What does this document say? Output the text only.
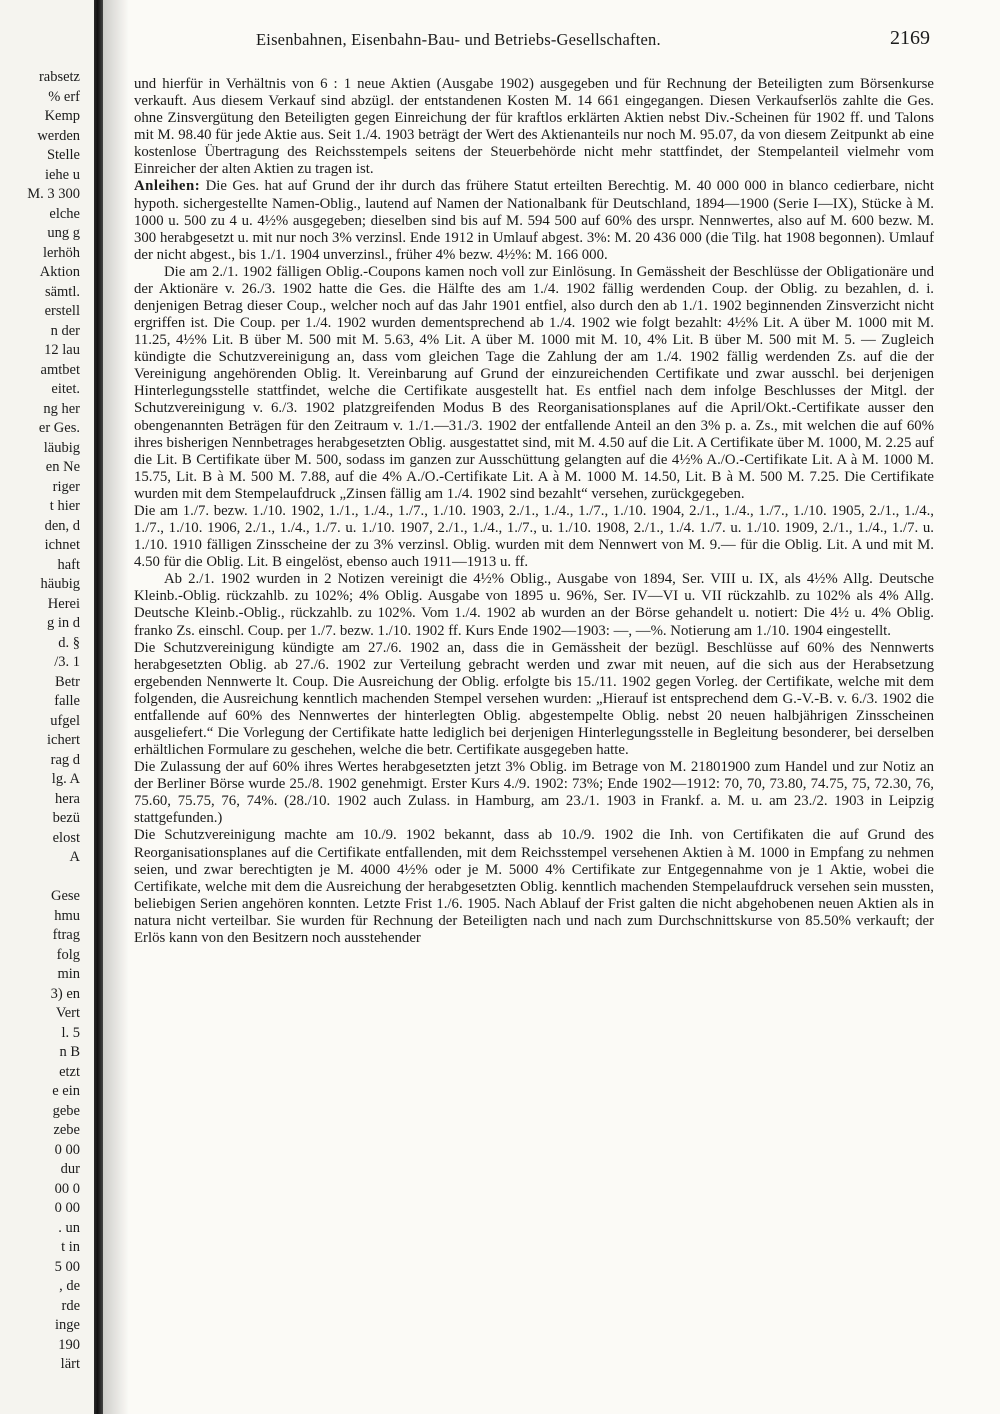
rabsetz
% erf
Kemp
werden
Stelle
iehe u
M. 3 300
elche
ung g
lerhöh
Aktion
sämtl.
erstell
n der
12 lau
amtbet
eitet.
ng her
er Ges.
läubig
en Ne
riger
t hier
den, d
ichnet
haft
häubig
Herei
g in d
d. §
/3. 1
Betr
falle
ufgel
ichert
rag d
lg. A
hera
bezü
elost
A
Gese
hmu
ftrag
folg
min
3) en
Vert
l. 5
n B
etzt
e ein
gebe
zebe
0 00
dur
00 0
0 00
. un
t in
5 00
, de
rde
inge
190
lärt
Eisenbahnen, Eisenbahn-Bau- und Betriebs-Gesellschaften.	2169

und hierfür in Verhältnis von 6 : 1 neue Aktien (Ausgabe 1902) ausgegeben und für Rechnung der Beteiligten zum Börsenkurse verkauft. Aus diesem Verkauf sind abzügl. der entstandenen Kosten M. 14 661 eingegangen. Diesen Verkaufserlös zahlte die Ges. ohne Zinsvergütung den Beteiligten gegen Einreichung der für kraftlos erklärten Aktien nebst Div.-Scheinen für 1902 ff. und Talons mit M. 98.40 für jede Aktie aus. Seit 1./4. 1903 beträgt der Wert des Aktienanteils nur noch M. 95.07, da von diesem Zeitpunkt ab eine kostenlose Übertragung des Reichsstempels seitens der Steuerbehörde nicht mehr stattfindet, der Stempelanteil vielmehr vom Einreicher der alten Aktien zu tragen ist.

Anleihen: Die Ges. hat auf Grund der ihr durch das frühere Statut erteilten Berechtig. M. 40 000 000 in blanco cedierbare, nicht hypoth. sichergestellte Namen-Oblig., lautend auf Namen der Nationalbank für Deutschland, 1894—1900 (Serie I—IX), Stücke à M. 1000 u. 500 zu 4 u. 4½% ausgegeben; dieselben sind bis auf M. 594 500 auf 60% des urspr. Nennwertes, also auf M. 600 bezw. M. 300 herabgesetzt u. mit nur noch 3% verzinsl. Ende 1912 in Umlauf abgest. 3%: M. 20 436 000 (die Tilg. hat 1908 begonnen). Umlauf der nicht abgest., bis 1./1. 1904 unverzinsl., früher 4% bezw. 4½%: M. 166 000.

Die am 2./1. 1902 fälligen Oblig.-Coupons kamen noch voll zur Einlösung. In Gemässheit der Beschlüsse der Obligationäre und der Aktionäre v. 26./3. 1902 hatte die Ges. die Hälfte des am 1./4. 1902 fällig werdenden Coup. der Oblig. zu bezahlen, d. i. denjenigen Betrag dieser Coup., welcher noch auf das Jahr 1901 entfiel, also durch den ab 1./1. 1902 beginnenden Zinsverzicht nicht ergriffen ist. Die Coup. per 1./4. 1902 wurden dementsprechend ab 1./4. 1902 wie folgt bezahlt: 4½% Lit. A über M. 1000 mit M. 11.25, 4½% Lit. B über M. 500 mit M. 5.63, 4% Lit. A über M. 1000 mit M. 10, 4% Lit. B über M. 500 mit M. 5. — Zugleich kündigte die Schutzvereinigung an, dass vom gleichen Tage die Zahlung der am 1./4. 1902 fällig werdenden Zs. auf die der Vereinigung angehörenden Oblig. lt. Vereinbarung auf Grund der einzureichenden Certifikate und zwar ausschl. bei derjenigen Hinterlegungsstelle stattfindet, welche die Certifikate ausgestellt hat. Es entfiel nach dem infolge Beschlusses der Mitgl. der Schutzvereinigung v. 6./3. 1902 platzgreifenden Modus B des Reorganisationsplanes auf die April/Okt.-Certifikate ausser den obengenannten Beträgen für den Zeitraum v. 1./1.—31./3. 1902 der entfallende Anteil an den 3% p. a. Zs., mit welchen die auf 60% ihres bisherigen Nennbetrages herabgesetzten Oblig. ausgestattet sind, mit M. 4.50 auf die Lit. A Certifikate über M. 1000, M. 2.25 auf die Lit. B Certifikate über M. 500, sodass im ganzen zur Ausschüttung gelangten auf die 4½% A./O.-Certifikate Lit. A à M. 1000 M. 15.75, Lit. B à M. 500 M. 7.88, auf die 4% A./O.-Certifikate Lit. A à M. 1000 M. 14.50, Lit. B à M. 500 M. 7.25. Die Certifikate wurden mit dem Stempelaufdruck „Zinsen fällig am 1./4. 1902 sind bezahlt“ versehen, zurückgegeben.

Die am 1./7. bezw. 1./10. 1902, 1./1., 1./4., 1./7., 1./10. 1903, 2./1., 1./4., 1./7., 1./10. 1904, 2./1., 1./4., 1./7., 1./10. 1905, 2./1., 1./4., 1./7., 1./10. 1906, 2./1., 1./4., 1./7. u. 1./10. 1907, 2./1., 1./4., 1./7., u. 1./10. 1908, 2./1., 1./4. 1./7. u. 1./10. 1909, 2./1., 1./4., 1./7. u. 1./10. 1910 fälligen Zinsscheine der zu 3% verzinsl. Oblig. wurden mit dem Nennwert von M. 9.— für die Oblig. Lit. A und mit M. 4.50 für die Oblig. Lit. B eingelöst, ebenso auch 1911—1913 u. ff.

Ab 2./1. 1902 wurden in 2 Notizen vereinigt die 4½% Oblig., Ausgabe von 1894, Ser. VIII u. IX, als 4½% Allg. Deutsche Kleinb.-Oblig. rückzahlb. zu 102%; 4% Oblig. Ausgabe von 1895 u. 96%, Ser. IV—VI u. VII rückzahlb. zu 102% als 4% Allg. Deutsche Kleinb.-Oblig., rückzahlb. zu 102%. Vom 1./4. 1902 ab wurden an der Börse gehandelt u. notiert: Die 4½ u. 4% Oblig. franko Zs. einschl. Coup. per 1./7. bezw. 1./10. 1902 ff. Kurs Ende 1902—1903: —, —%. Notierung am 1./10. 1904 eingestellt.

Die Schutzvereinigung kündigte am 27./6. 1902 an, dass die in Gemässheit der bezügl. Beschlüsse auf 60% des Nennwerts herabgesetzten Oblig. ab 27./6. 1902 zur Verteilung gebracht werden und zwar mit neuen, auf die sich aus der Herabsetzung ergebenden Nennwerte lt. Coup. Die Ausreichung der Oblig. erfolgte bis 15./11. 1902 gegen Vorleg. der Certifikate, welche mit dem folgenden, die Ausreichung kenntlich machenden Stempel versehen wurden: „Hierauf ist entsprechend dem G.-V.-B. v. 6./3. 1902 die entfallende auf 60% des Nennwertes der hinterlegten Oblig. abgestempelte Oblig. nebst 20 neuen halbjährigen Zinsscheinen ausgeliefert.“ Die Vorlegung der Certifikate hatte lediglich bei derjenigen Hinterlegungsstelle in Begleitung besonderer, bei derselben erhältlichen Formulare zu geschehen, welche die betr. Certifikate ausgegeben hatte.

Die Zulassung der auf 60% ihres Wertes herabgesetzten jetzt 3% Oblig. im Betrage von M. 21801900 zum Handel und zur Notiz an der Berliner Börse wurde 25./8. 1902 genehmigt. Erster Kurs 4./9. 1902: 73%; Ende 1902—1912: 70, 70, 73.80, 74.75, 75, 72.30, 76, 75.60, 75.75, 76, 74%. (28./10. 1902 auch Zulass. in Hamburg, am 23./1. 1903 in Frankf. a. M. u. am 23./2. 1903 in Leipzig stattgefunden.)

Die Schutzvereinigung machte am 10./9. 1902 bekannt, dass ab 10./9. 1902 die Inh. von Certifikaten die auf Grund des Reorganisationsplanes auf die Certifikate entfallenden, mit dem Reichsstempel versehenen Aktien à M. 1000 in Empfang zu nehmen seien, und zwar berechtigten je M. 4000 4½% oder je M. 5000 4% Certifikate zur Entgegennahme von je 1 Aktie, wobei die Certifikate, welche mit dem die Ausreichung der herabgesetzten Oblig. kenntlich machenden Stempelaufdruck versehen sein mussten, beliebigen Serien angehören konnten. Letzte Frist 1./6. 1905. Nach Ablauf der Frist galten die nicht abgehobenen neuen Aktien als in natura nicht verteilbar. Sie wurden für Rechnung der Beteiligten nach und nach zum Durchschnittskurse von 85.50% verkauft; der Erlös kann von den Besitzern noch ausstehender
